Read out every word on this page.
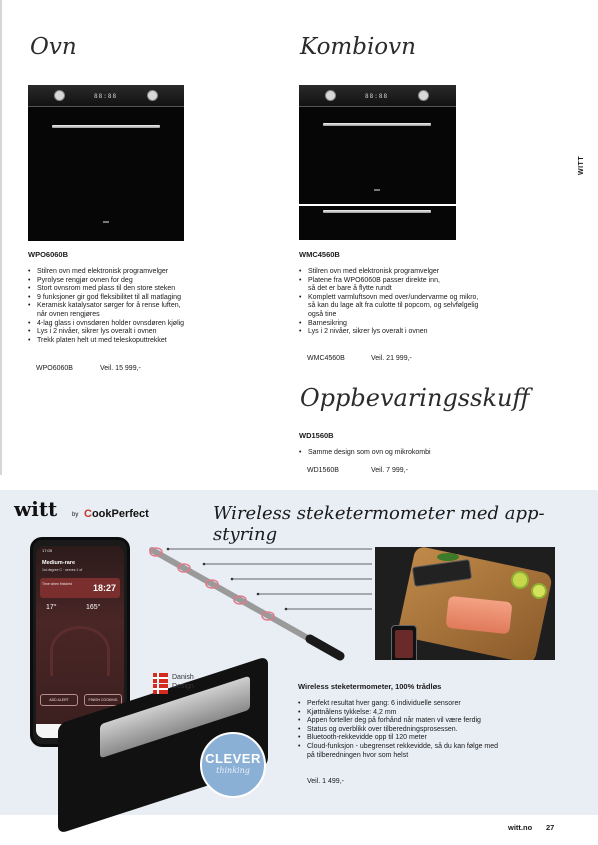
Ovn	Kombiovn
WITT
88:88	88:88
WPO6060B
• Stilren ovn med elektronisk programvelger
• Pyrolyse rengjør ovnen for deg
• Stort ovnsrom med plass til den store steken
• 9 funksjoner gir god fleksibilitet til all matlaging
• Keramisk katalysator sørger for å rense luften,
når ovnen rengjøres
• 4-lag glass i ovnsdøren holder ovnsdøren kjølig
• Lys i 2 nivåer, sikrer lys overalt i ovnen
• Trekk platen helt ut med teleskoputtrekket
WPO6060B	Veil. 15 999,-
WMC4560B
• Stilren ovn med elektronisk programvelger
• Platene fra WPO6060B passer direkte inn,
så det er bare å flytte rundt
• Komplett varmluftsovn med over/undervarme og mikro,
så kan du lage alt fra culotte til popcorn, og selvfølgelig
også tine
• Barnesikring
• Lys i 2 nivåer, sikrer lys overalt i ovnen
WMC4560B	Veil. 21 999,-
Oppbevaringsskuff
WD1560B
• Samme design som ovn og mikrokombi
WD1560B	Veil. 7 999,-
witt by CookPerfect	Wireless steketermometer med app-styring
17:05
Medium-rare
1st degree C · serves 1 of
Time when finished 18:27
17°	165°
ADD ALERT	FINISH COOKING
Danish
Design
CLEVER
thinking
Wireless steketermometer, 100% trådløs
• Perfekt resultat hver gang: 6 individuelle sensorer
• Kjøttnålens tykkelse: 4,2 mm
• Appen forteller deg på forhånd når maten vil være ferdig
• Status og overblikk over tilberedningsprosessen.
• Bluetooth-rekkevidde opp til 120 meter
• Cloud-funksjon - ubegrenset rekkevidde, så du kan følge med
på tilberedningen hvor som helst
Veil. 1 499,-
witt.no 27
